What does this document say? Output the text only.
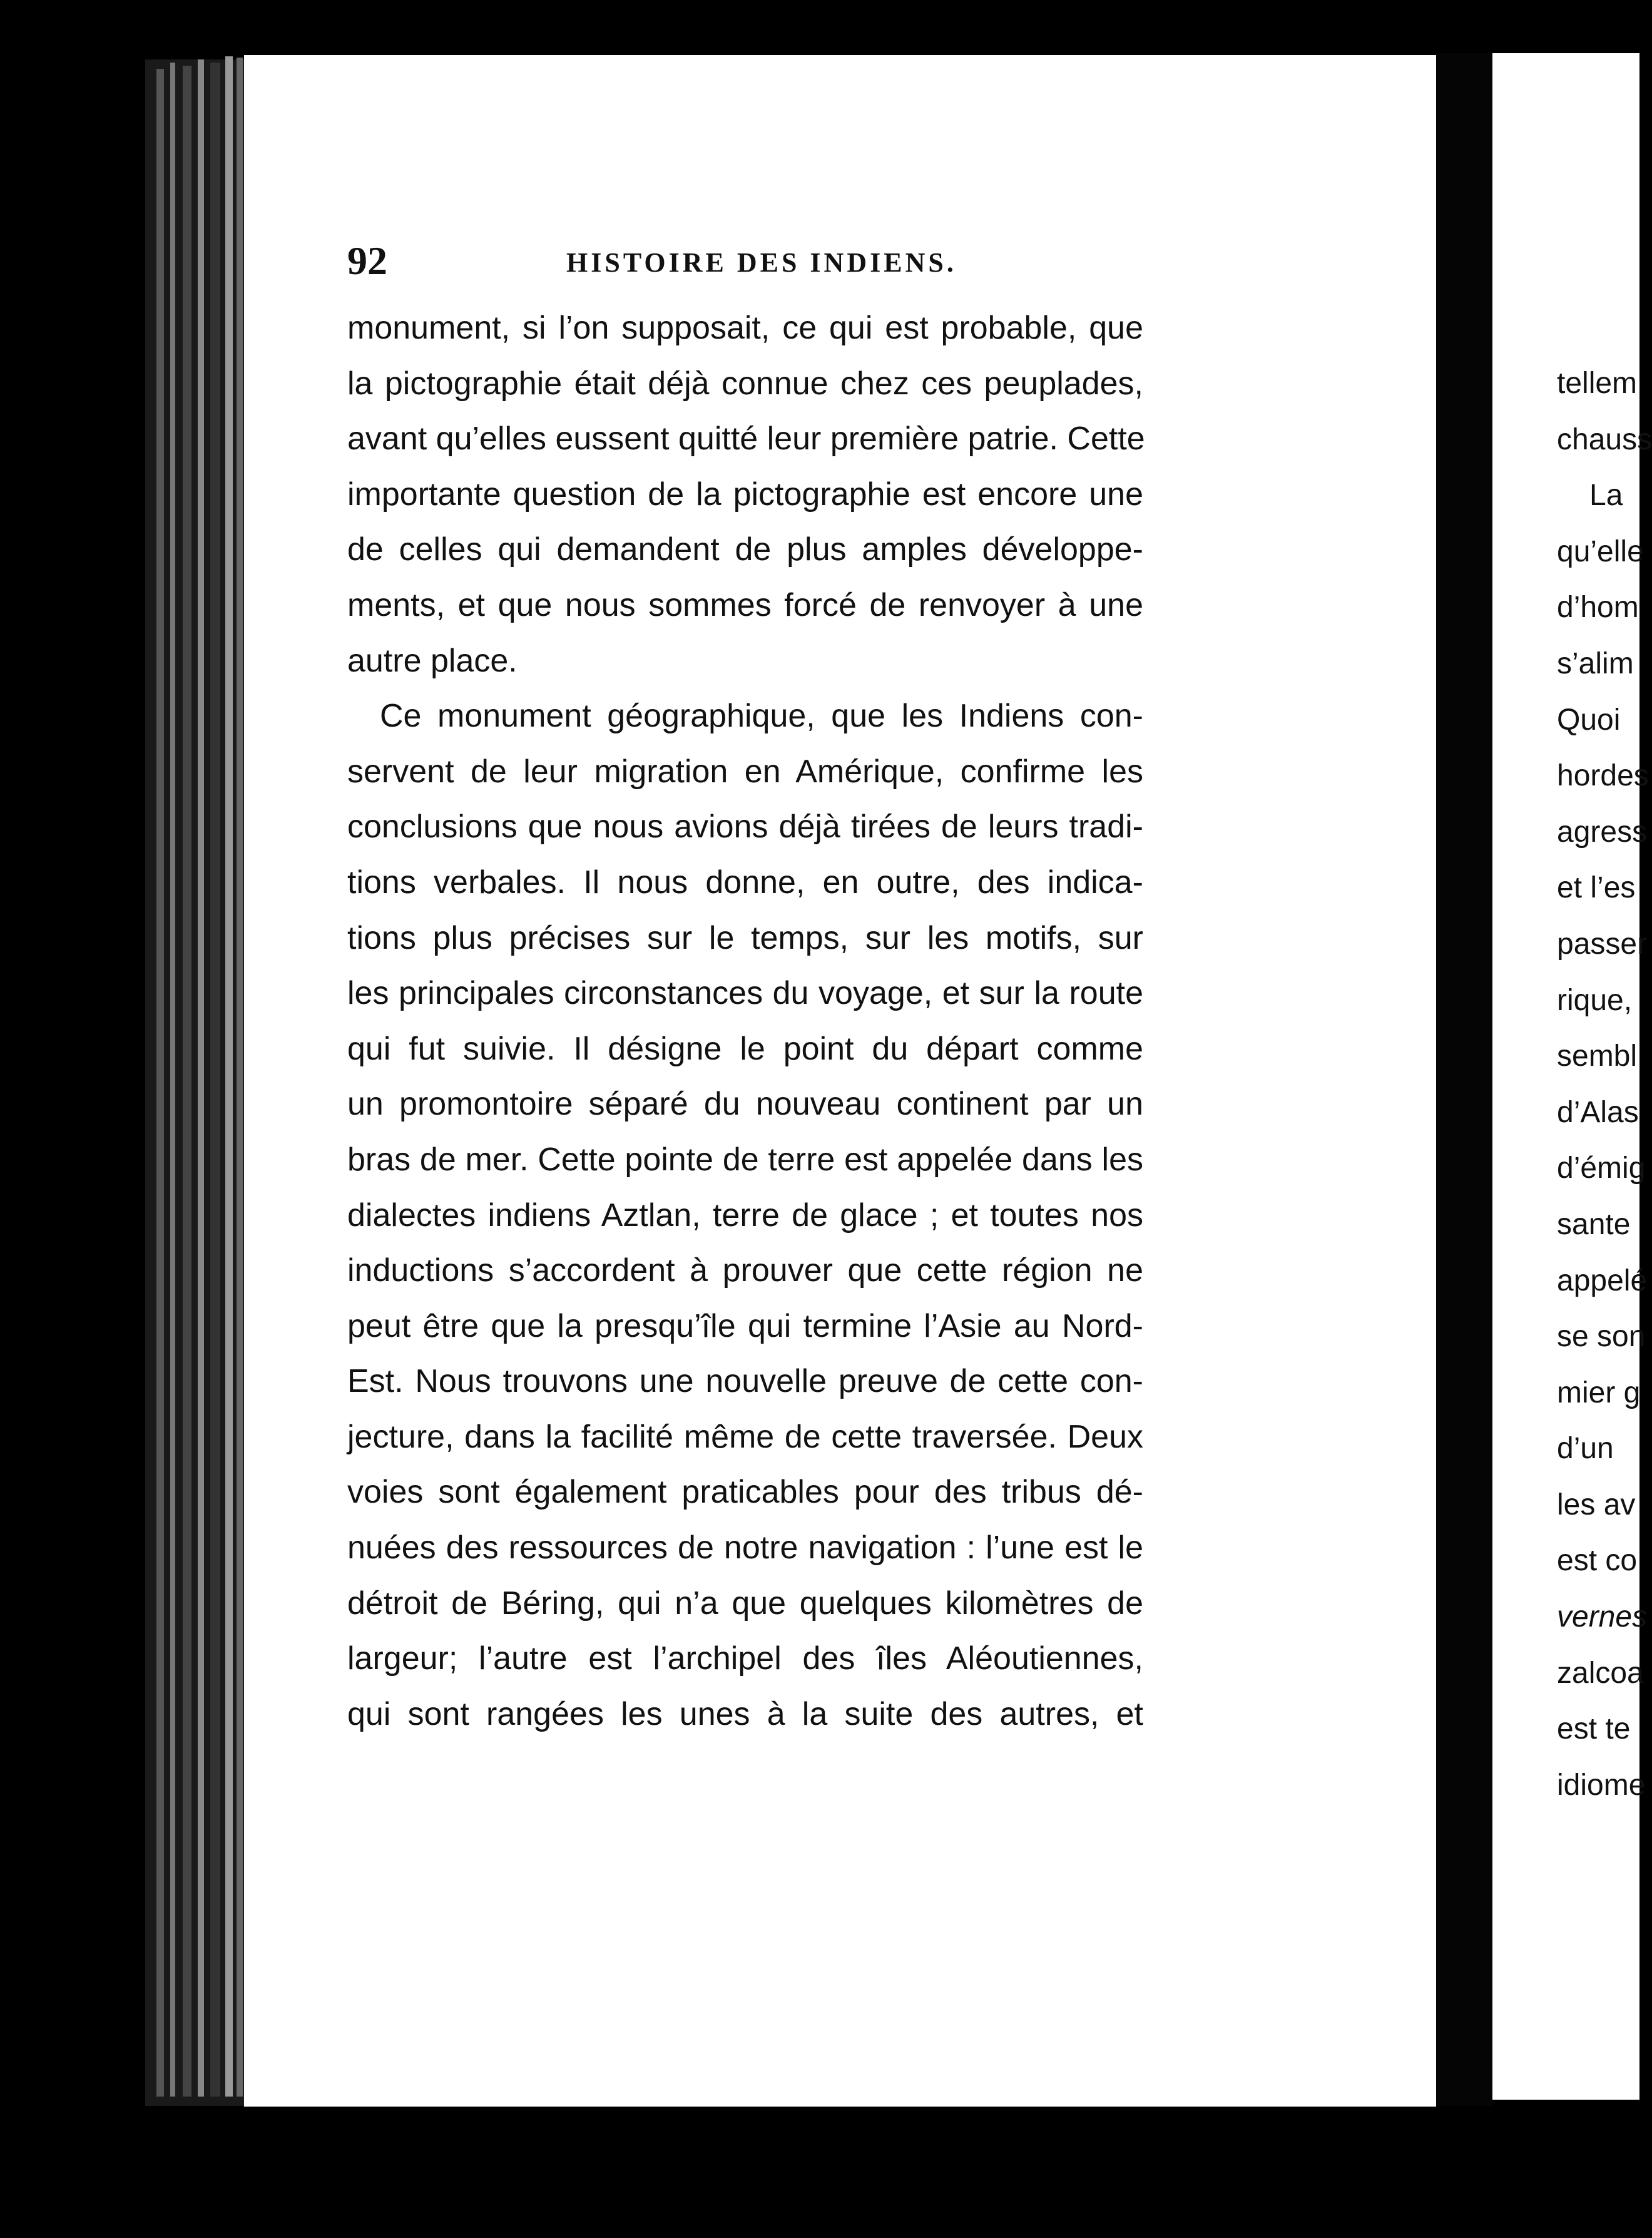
92	HISTOIRE DES INDIENS.
monument, si l’on supposait, ce qui est probable, que
la pictographie était déjà connue chez ces peuplades,
avant qu’elles eussent quitté leur première patrie. Cette
importante question de la pictographie est encore une
de celles qui demandent de plus amples développe-
ments, et que nous sommes forcé de renvoyer à une
autre place.
Ce monument géographique, que les Indiens con-
servent de leur migration en Amérique, confirme les
conclusions que nous avions déjà tirées de leurs tradi-
tions verbales. Il nous donne, en outre, des indica-
tions plus précises sur le temps, sur les motifs, sur
les principales circonstances du voyage, et sur la route
qui fut suivie. Il désigne le point du départ comme
un promontoire séparé du nouveau continent par un
bras de mer. Cette pointe de terre est appelée dans les
dialectes indiens Aztlan, terre de glace ; et toutes nos
inductions s’accordent à prouver que cette région ne
peut être que la presqu’île qui termine l’Asie au Nord-
Est. Nous trouvons une nouvelle preuve de cette con-
jecture, dans la facilité même de cette traversée. Deux
voies sont également praticables pour des tribus dé-
nuées des ressources de notre navigation : l’une est le
détroit de Béring, qui n’a que quelques kilomètres de
largeur; l’autre est l’archipel des îles Aléoutiennes,
qui sont rangées les unes à la suite des autres, et
tellem
chauss
La
qu’elle
d’hom
s’alim
Quoi
hordes
agress
et l’es
passer
rique,
sembl
d’Alas
d’émig
sante
appelé
se son
mier g
d’un
les av
est co
vernes
zalcoa
est te
idiome
